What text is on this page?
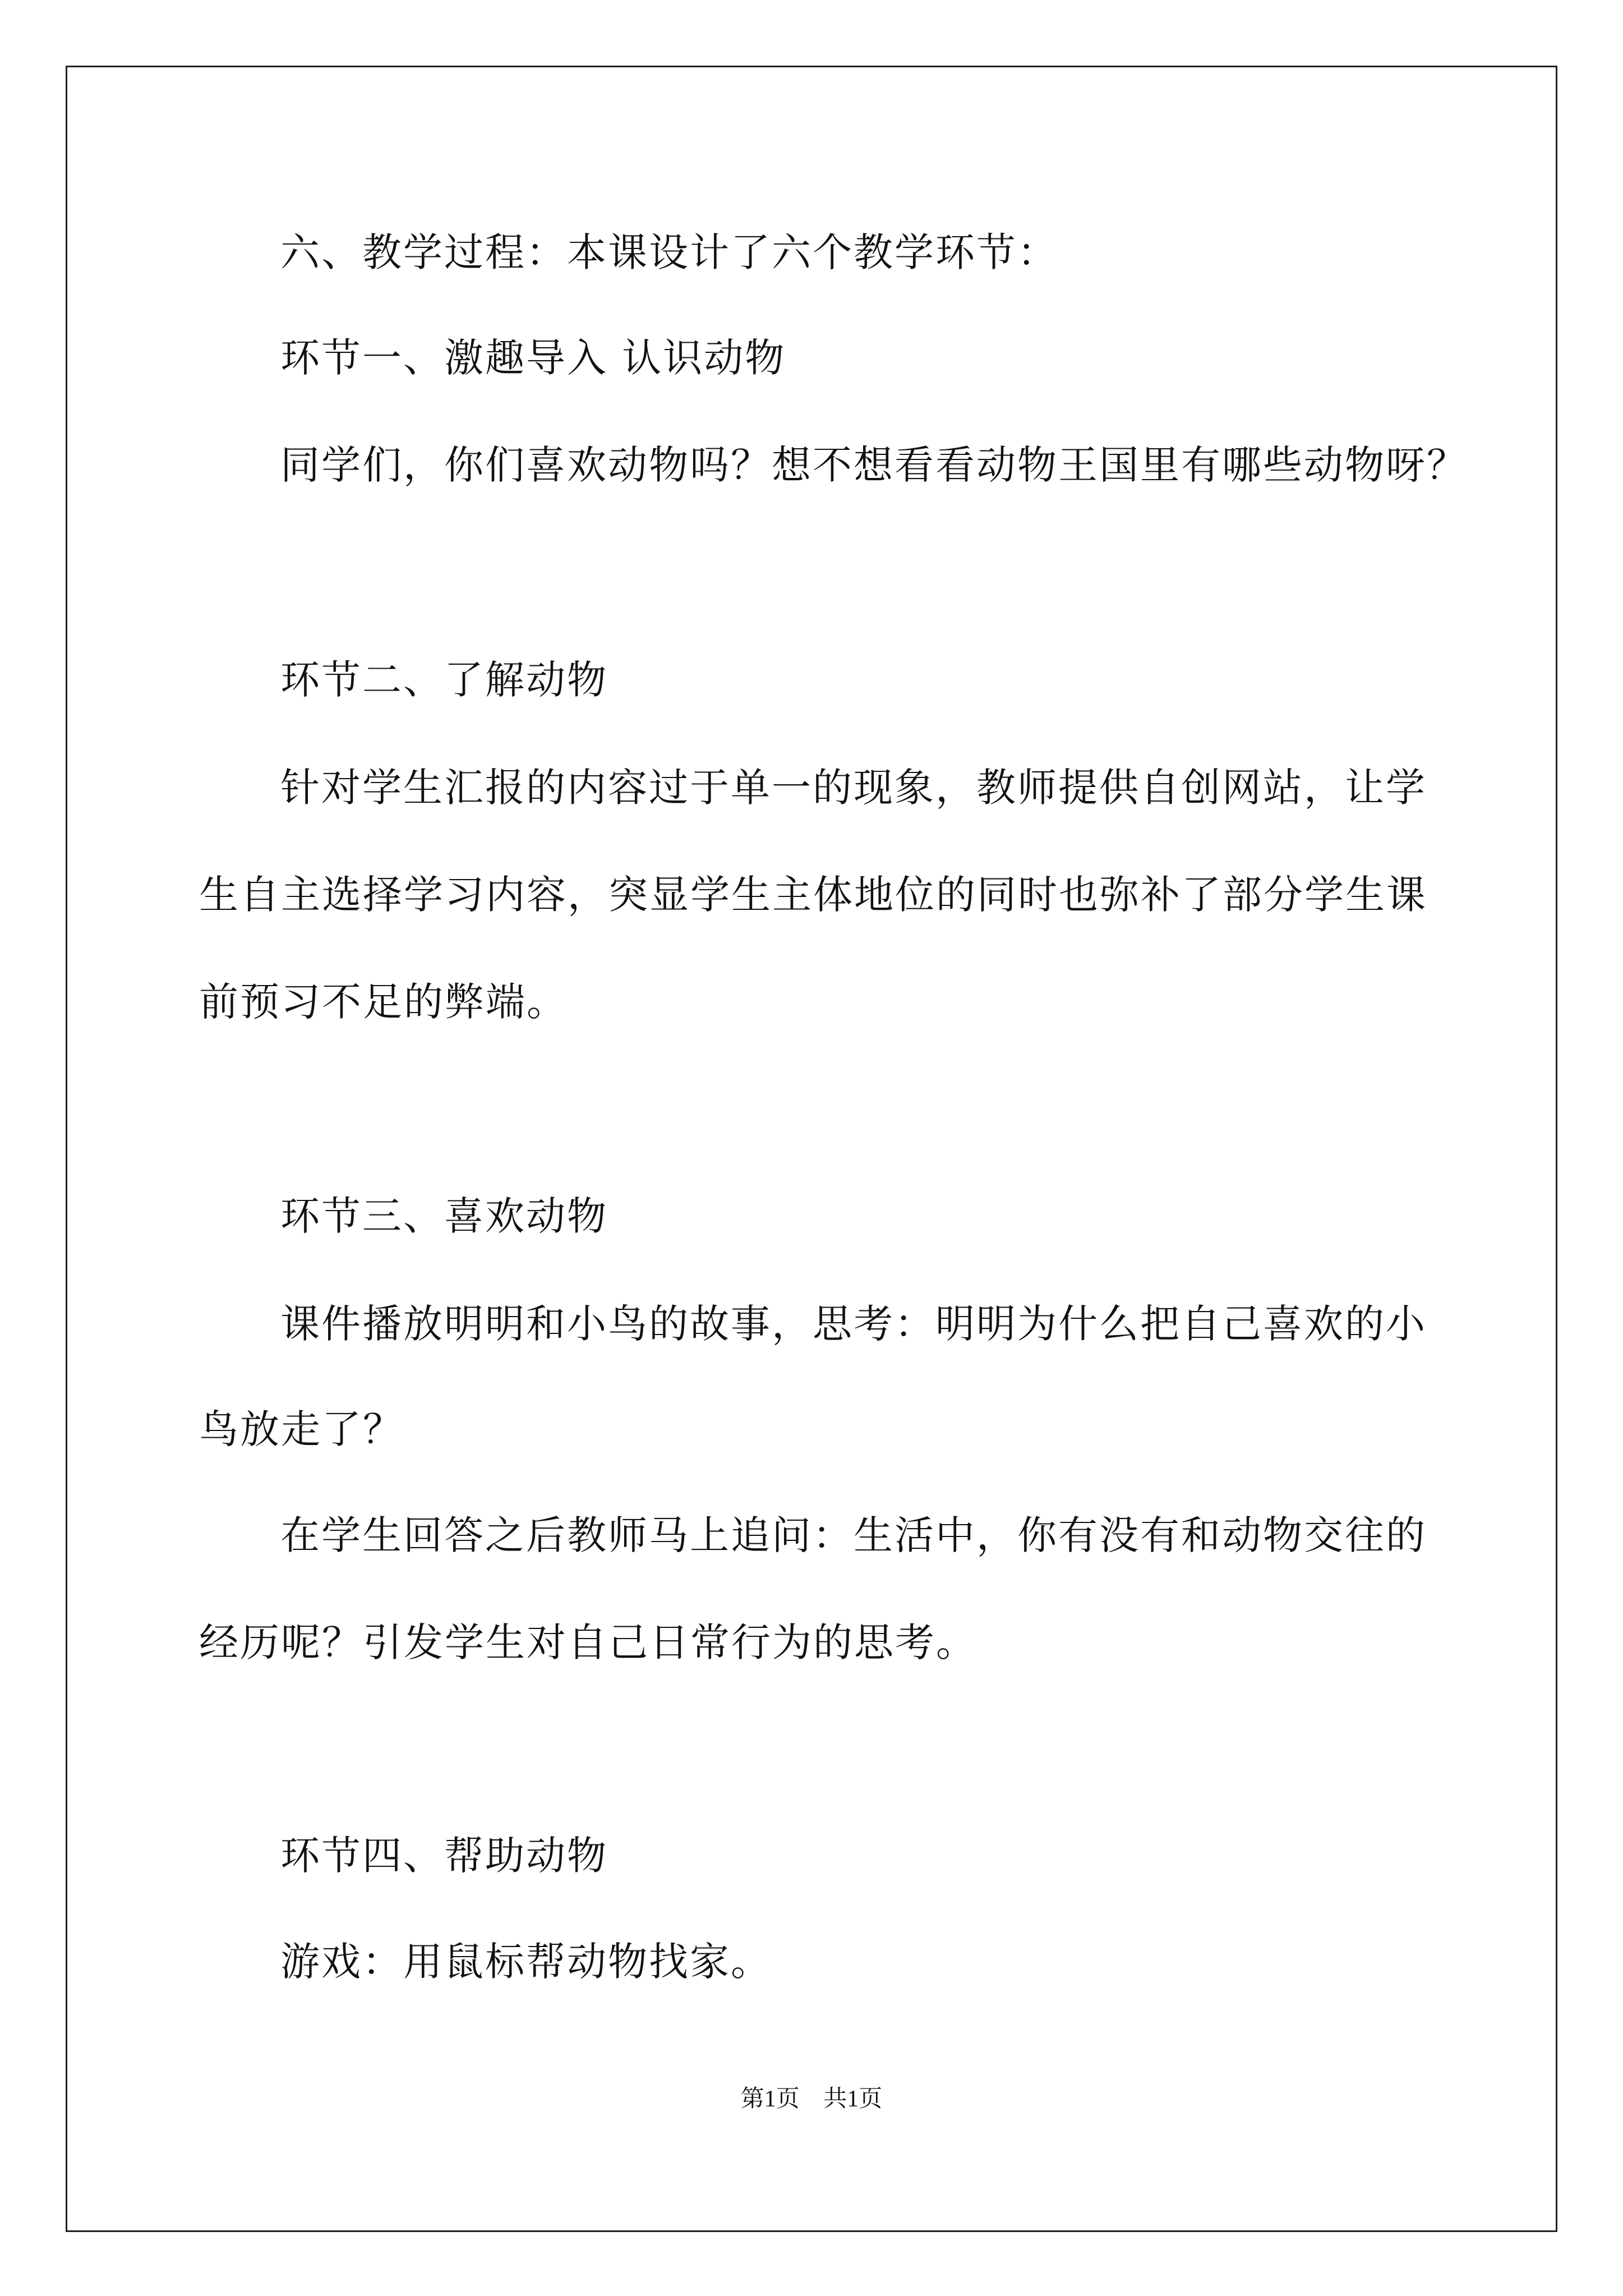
六、教学过程：本课设计了六个教学环节：

环节一、激趣导入 认识动物

同学们，你们喜欢动物吗？想不想看看动物王国里有哪些动物呀？

环节二、了解动物

针对学生汇报的内容过于单一的现象，教师提供自创网站，让学

生自主选择学习内容，突显学生主体地位的同时也弥补了部分学生课

前预习不足的弊端。

环节三、喜欢动物

课件播放明明和小鸟的故事，思考：明明为什么把自己喜欢的小

鸟放走了？

在学生回答之后教师马上追问：生活中，你有没有和动物交往的

经历呢？引发学生对自己日常行为的思考。

环节四、帮助动物

游戏：用鼠标帮动物找家。

第1页 共1页
